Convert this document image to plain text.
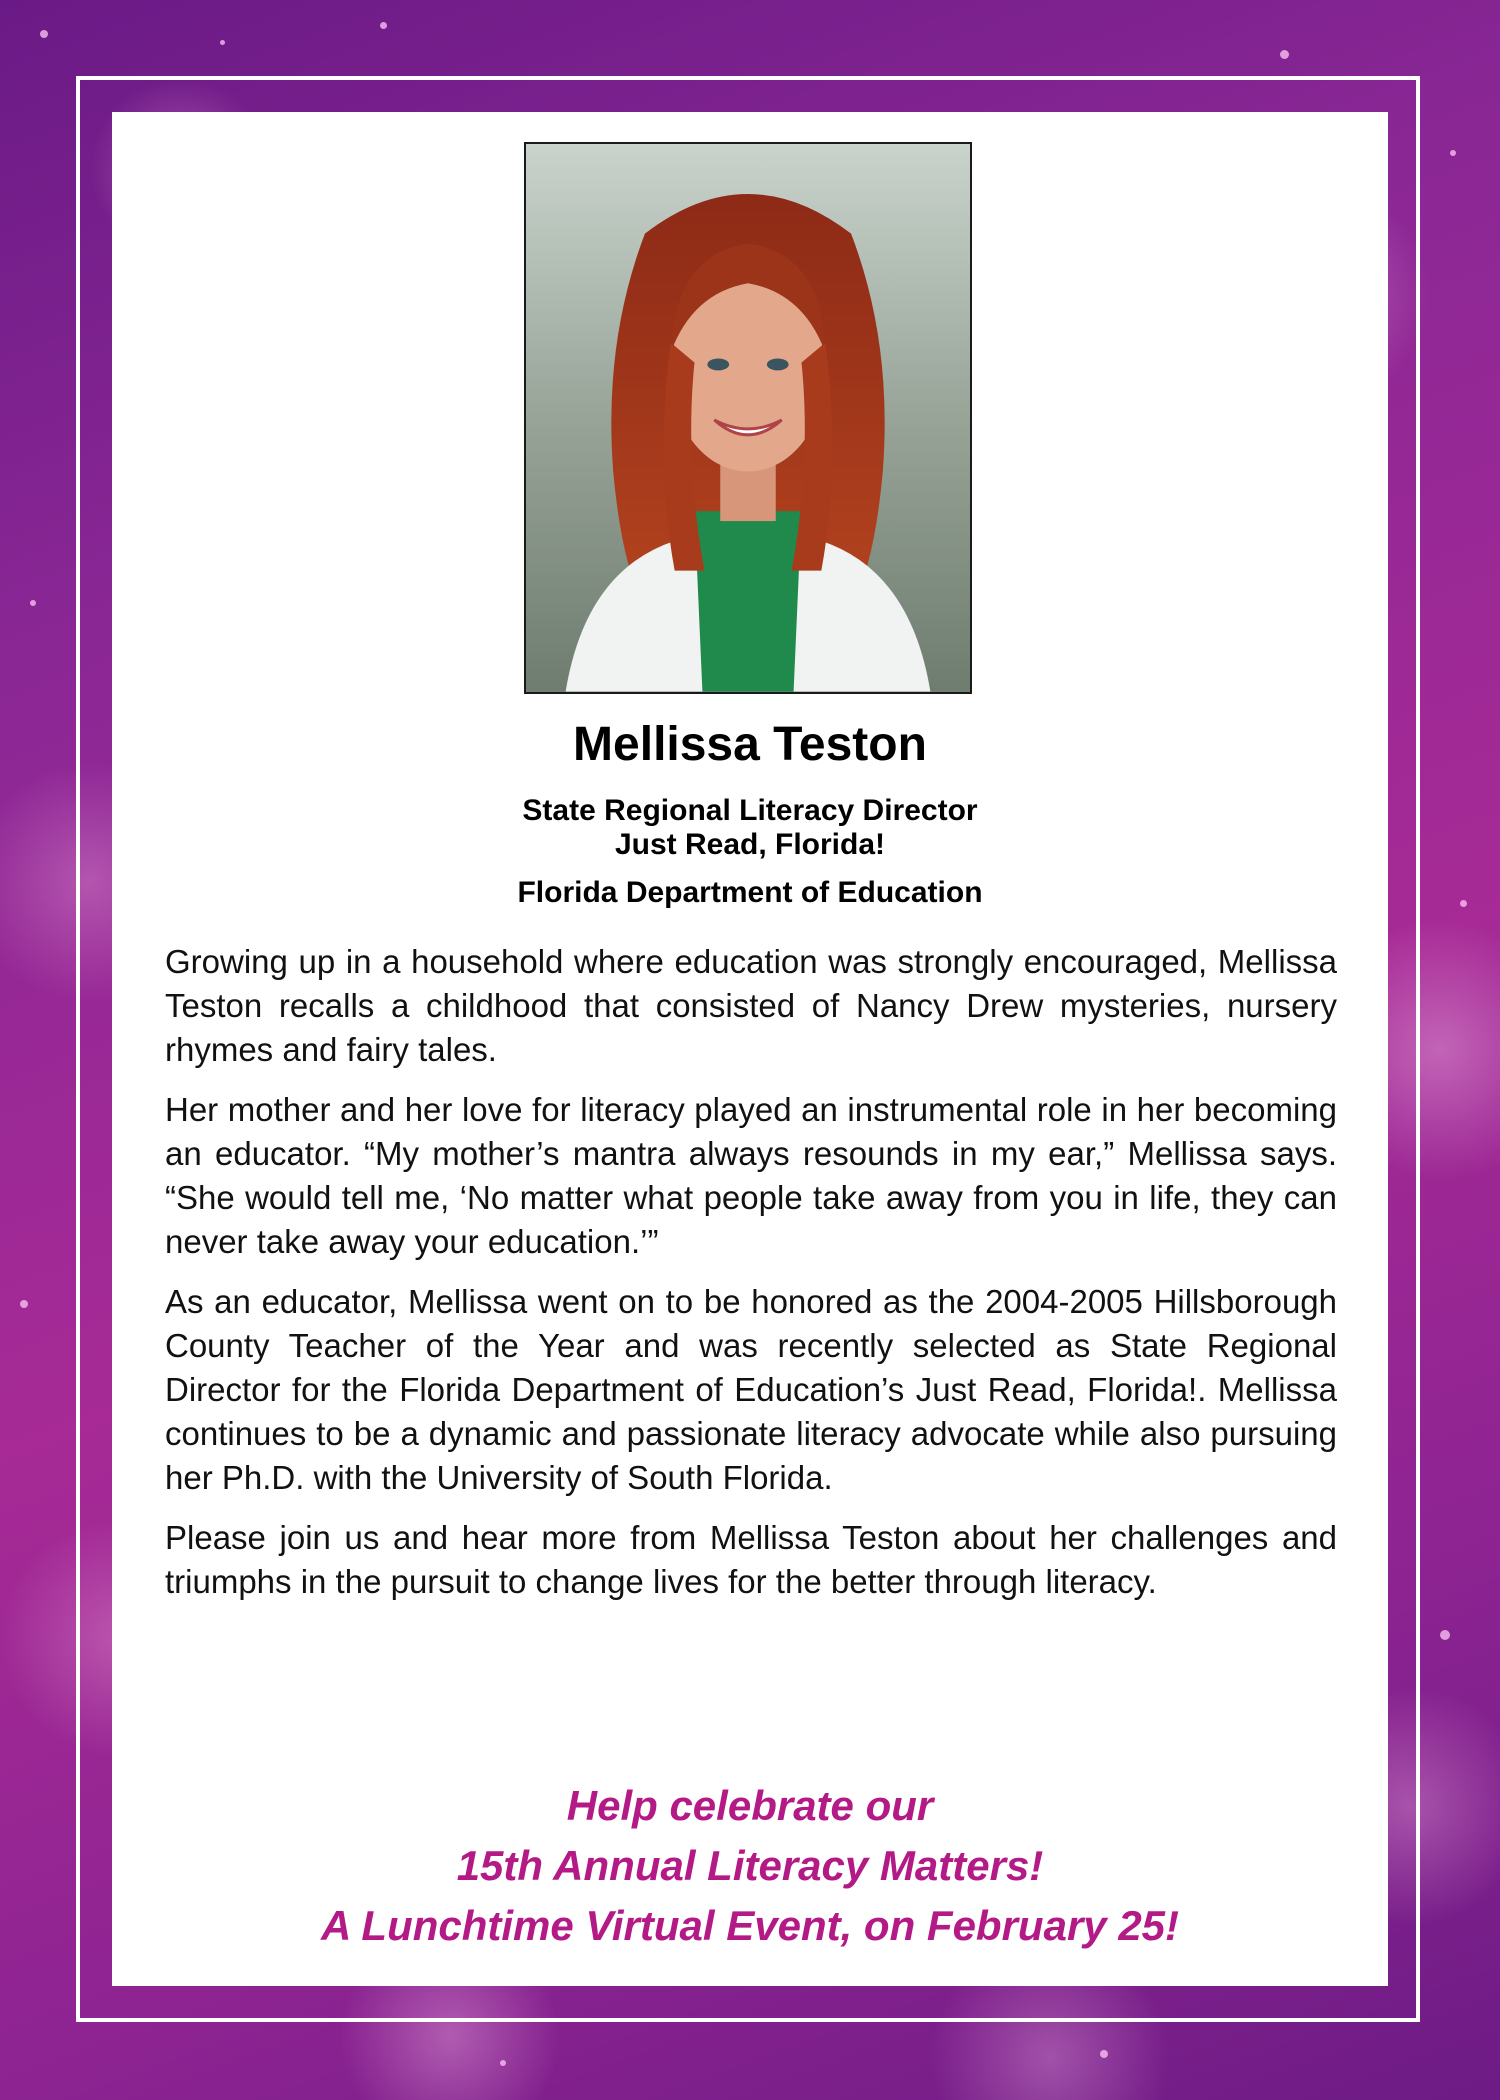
Mellissa Teston
State Regional Literacy Director
Just Read, Florida!
Florida Department of Education

Growing up in a household where education was strongly encouraged, Mellissa Teston recalls a childhood that consisted of Nancy Drew mysteries, nursery rhymes and fairy tales.

Her mother and her love for literacy played an instrumental role in her becoming an educator. “My mother’s mantra always resounds in my ear,” Mellissa says. “She would tell me, ‘No matter what people take away from you in life, they can never take away your education.’”

As an educator, Mellissa went on to be honored as the 2004-2005 Hillsborough County Teacher of the Year and was recently selected as State Regional Director for the Florida Department of Education’s Just Read, Florida!. Mellissa continues to be a dynamic and passionate literacy advocate while also pursuing her Ph.D. with the University of South Florida.

Please join us and hear more from Mellissa Teston about her challenges and triumphs in the pursuit to change lives for the better through literacy.

Help celebrate our
15th Annual Literacy Matters!
A Lunchtime Virtual Event, on February 25!
